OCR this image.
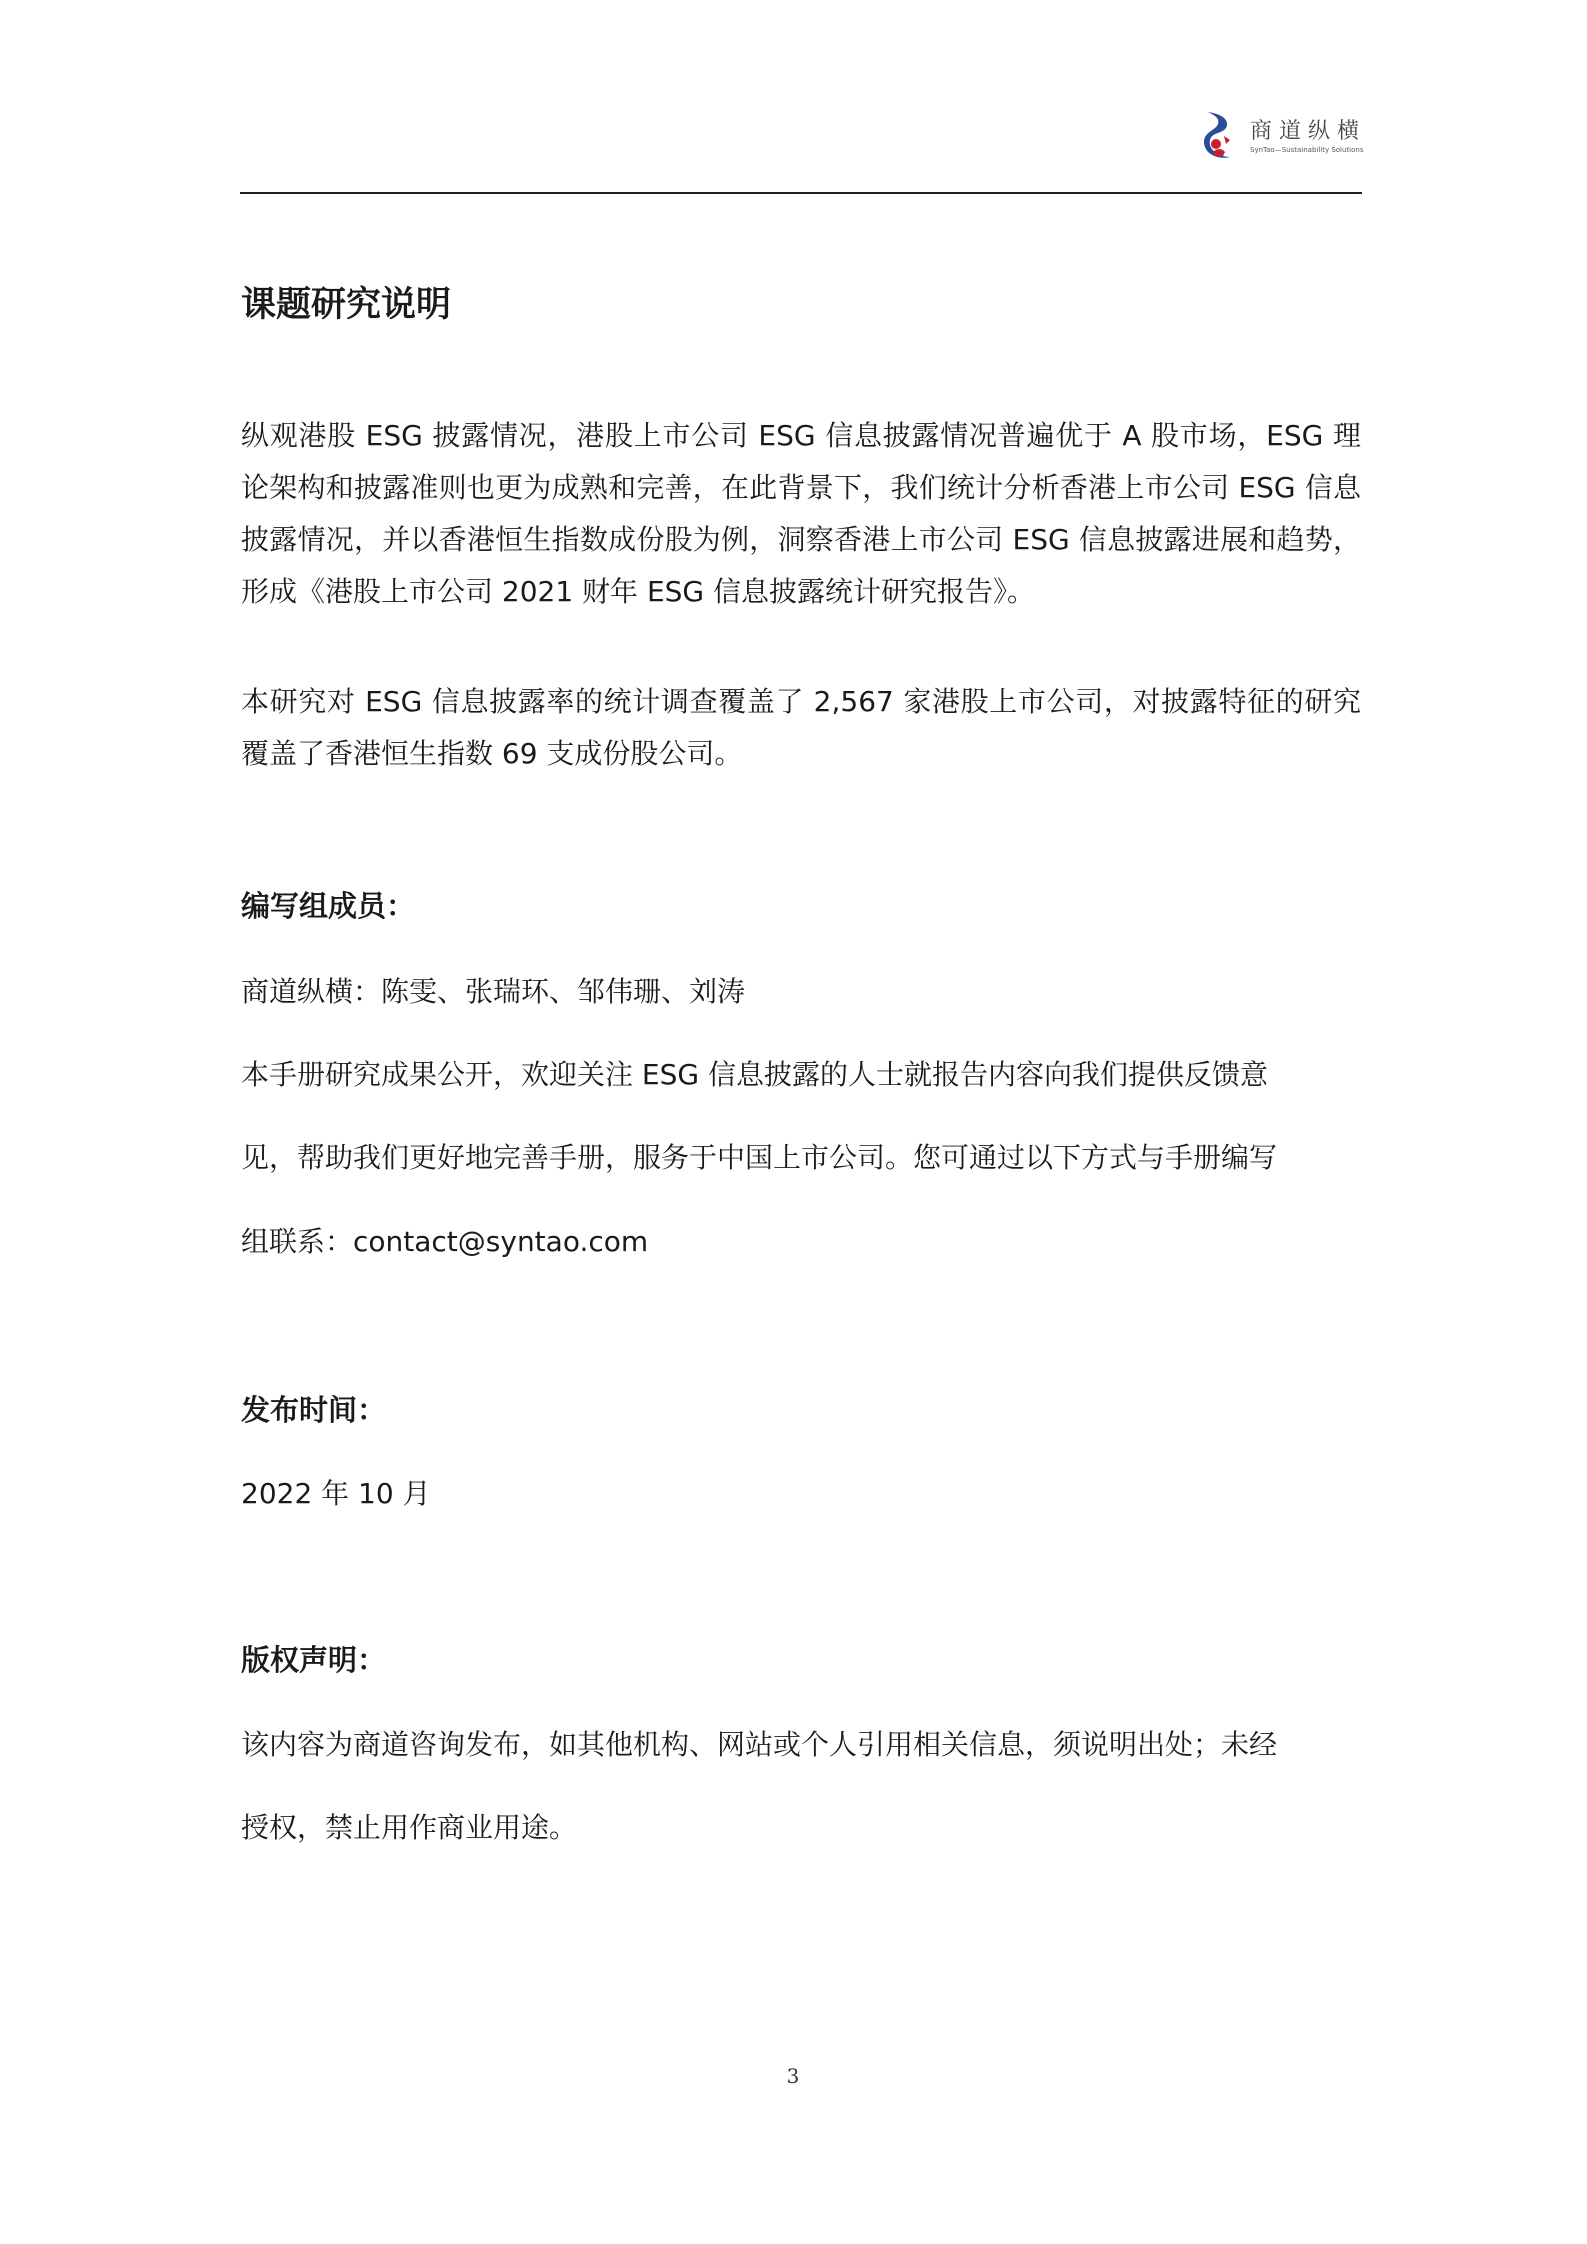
商道纵横
SynTao—Sustainability Solutions
课题研究说明

纵观港股 ESG 披露情况，港股上市公司 ESG 信息披露情况普遍优于 A 股市场，ESG 理论架构和披露准则也更为成熟和完善，在此背景下，我们统计分析香港上市公司 ESG 信息披露情况，并以香港恒生指数成份股为例，洞察香港上市公司 ESG 信息披露进展和趋势，形成《港股上市公司 2021 财年 ESG 信息披露统计研究报告》。

本研究对 ESG 信息披露率的统计调查覆盖了 2,567 家港股上市公司，对披露特征的研究覆盖了香港恒生指数 69 支成份股公司。

编写组成员：

商道纵横：陈雯、张瑞环、邹伟珊、刘涛

本手册研究成果公开，欢迎关注 ESG 信息披露的人士就报告内容向我们提供反馈意

见，帮助我们更好地完善手册，服务于中国上市公司。您可通过以下方式与手册编写

组联系：contact@syntao.com

发布时间：

2022 年 10 月

版权声明：

该内容为商道咨询发布，如其他机构、网站或个人引用相关信息，须说明出处；未经

授权，禁止用作商业用途。

3
